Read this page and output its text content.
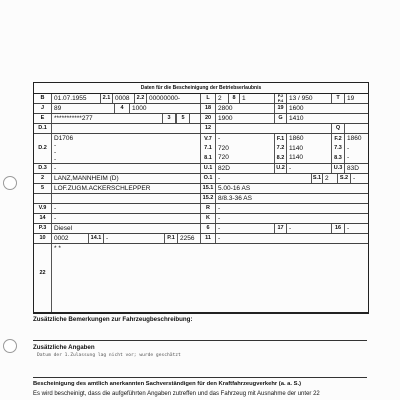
Daten für die Bescheinigung der Betriebserlaubnis
B	01.07.1955	2.1 0008	2.2 00000000-	L	2	8 1	P.2 P.4 13 / 950	T	19
J	89	4	1000	18	2800	19 1600
E	***********277	3	5	20	1900	G 1410
D.1	12	Q
D.2
D1706
-
-
-
V.7 -	F.1 1860	F.2 1860
7.1 720	7.2 1140	7.3 -
8.1 720	8.2 1140	8.3 -
D.3	-	U.1 82D	U.2 -	U.3 83D
2	LANZ,MANNHEIM (D)	O.1 -	S.1 2	S.2 -
5	LOF.ZUGM.ACKERSCHLEPPER	15.1 5.00-16 AS
15.2 8/8.3-36 AS
V.9	-	R	-
14	-	K	-
P.3	Diesel	6	-	17 -	16 -
10	0002	14.1 -	P.1 2256	11	-
22
* *
Zusätzliche Bemerkungen zur Fahrzeugbeschreibung:
Zusätzliche Angaben
Datum der 1.Zulassung lag nicht vor; wurde geschätzt
Bescheinigung des amtlich anerkannten Sachverständigen für den Kraftfahrzeugverkehr (a. a. S.)
Es wird bescheinigt, dass die aufgeführten Angaben zutreffen und das Fahrzeug mit Ausnahme der unter 22
